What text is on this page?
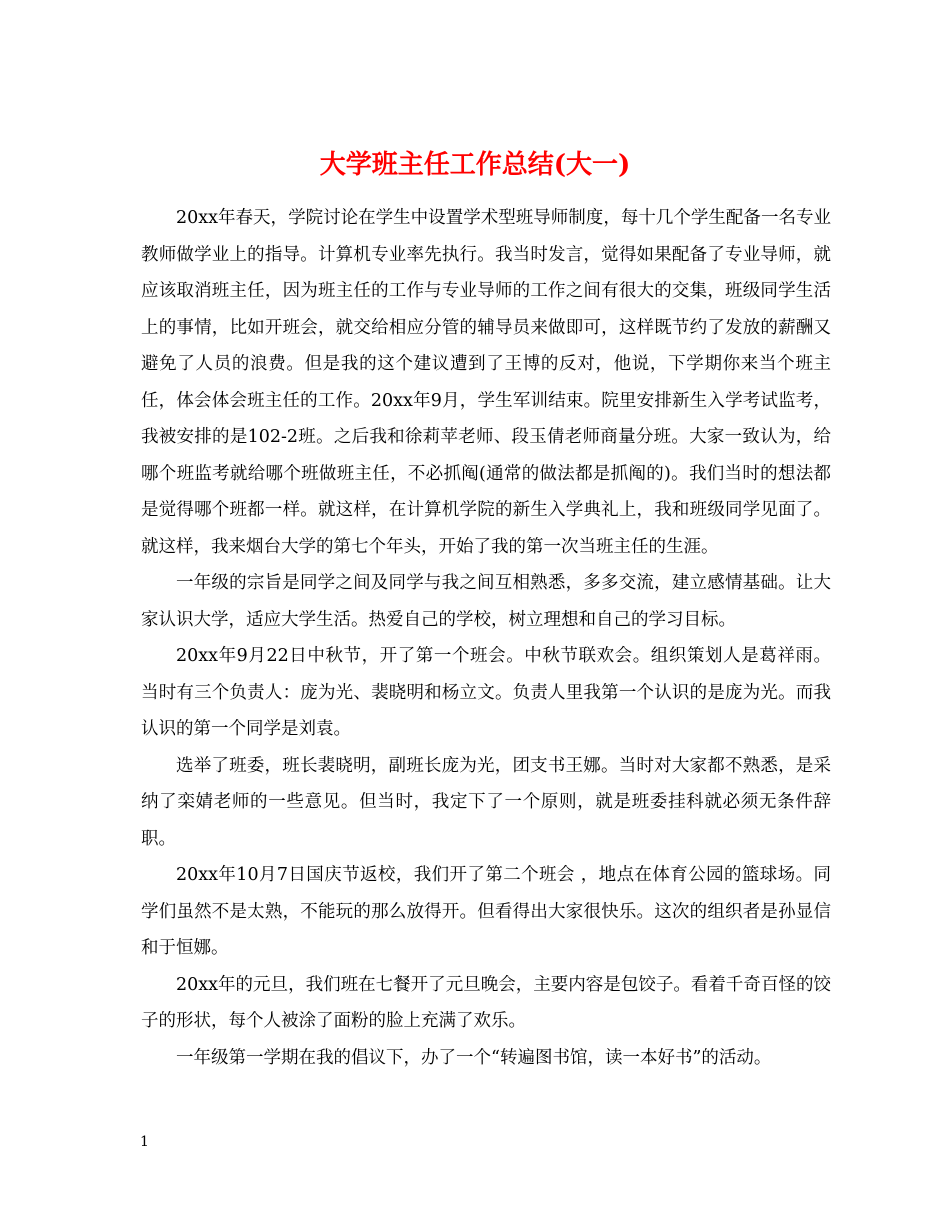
大学班主任工作总结(大一)

20xx年春天，学院讨论在学生中设置学术型班导师制度，每十几个学生配备一名专业教师做学业上的指导。计算机专业率先执行。我当时发言，觉得如果配备了专业导师，就应该取消班主任，因为班主任的工作与专业导师的工作之间有很大的交集，班级同学生活上的事情，比如开班会，就交给相应分管的辅导员来做即可，这样既节约了发放的薪酬又避免了人员的浪费。但是我的这个建议遭到了王博的反对，他说，下学期你来当个班主任，体会体会班主任的工作。20xx年9月，学生军训结束。院里安排新生入学考试监考，我被安排的是102-2班。之后我和徐莉苹老师、段玉倩老师商量分班。大家一致认为，给哪个班监考就给哪个班做班主任，不必抓阄(通常的做法都是抓阄的)。我们当时的想法都是觉得哪个班都一样。就这样，在计算机学院的新生入学典礼上，我和班级同学见面了。就这样，我来烟台大学的第七个年头，开始了我的第一次当班主任的生涯。

一年级的宗旨是同学之间及同学与我之间互相熟悉，多多交流，建立感情基础。让大家认识大学，适应大学生活。热爱自己的学校，树立理想和自己的学习目标。

20xx年9月22日中秋节，开了第一个班会。中秋节联欢会。组织策划人是葛祥雨。 当时有三个负责人：庞为光、裴晓明和杨立文。负责人里我第一个认识的是庞为光。而我认识的第一个同学是刘袁。

选举了班委，班长裴晓明，副班长庞为光，团支书王娜。当时对大家都不熟悉，是采纳了栾婧老师的一些意见。但当时，我定下了一个原则，就是班委挂科就必须无条件辞职。

20xx年10月7日国庆节返校，我们开了第二个班会 ，地点在体育公园的篮球场。同学们虽然不是太熟，不能玩的那么放得开。但看得出大家很快乐。这次的组织者是孙显信和于恒娜。

20xx年的元旦，我们班在七餐开了元旦晚会，主要内容是包饺子。看着千奇百怪的饺子的形状，每个人被涂了面粉的脸上充满了欢乐。

一年级第一学期在我的倡议下，办了一个“转遍图书馆，读一本好书”的活动。

1
